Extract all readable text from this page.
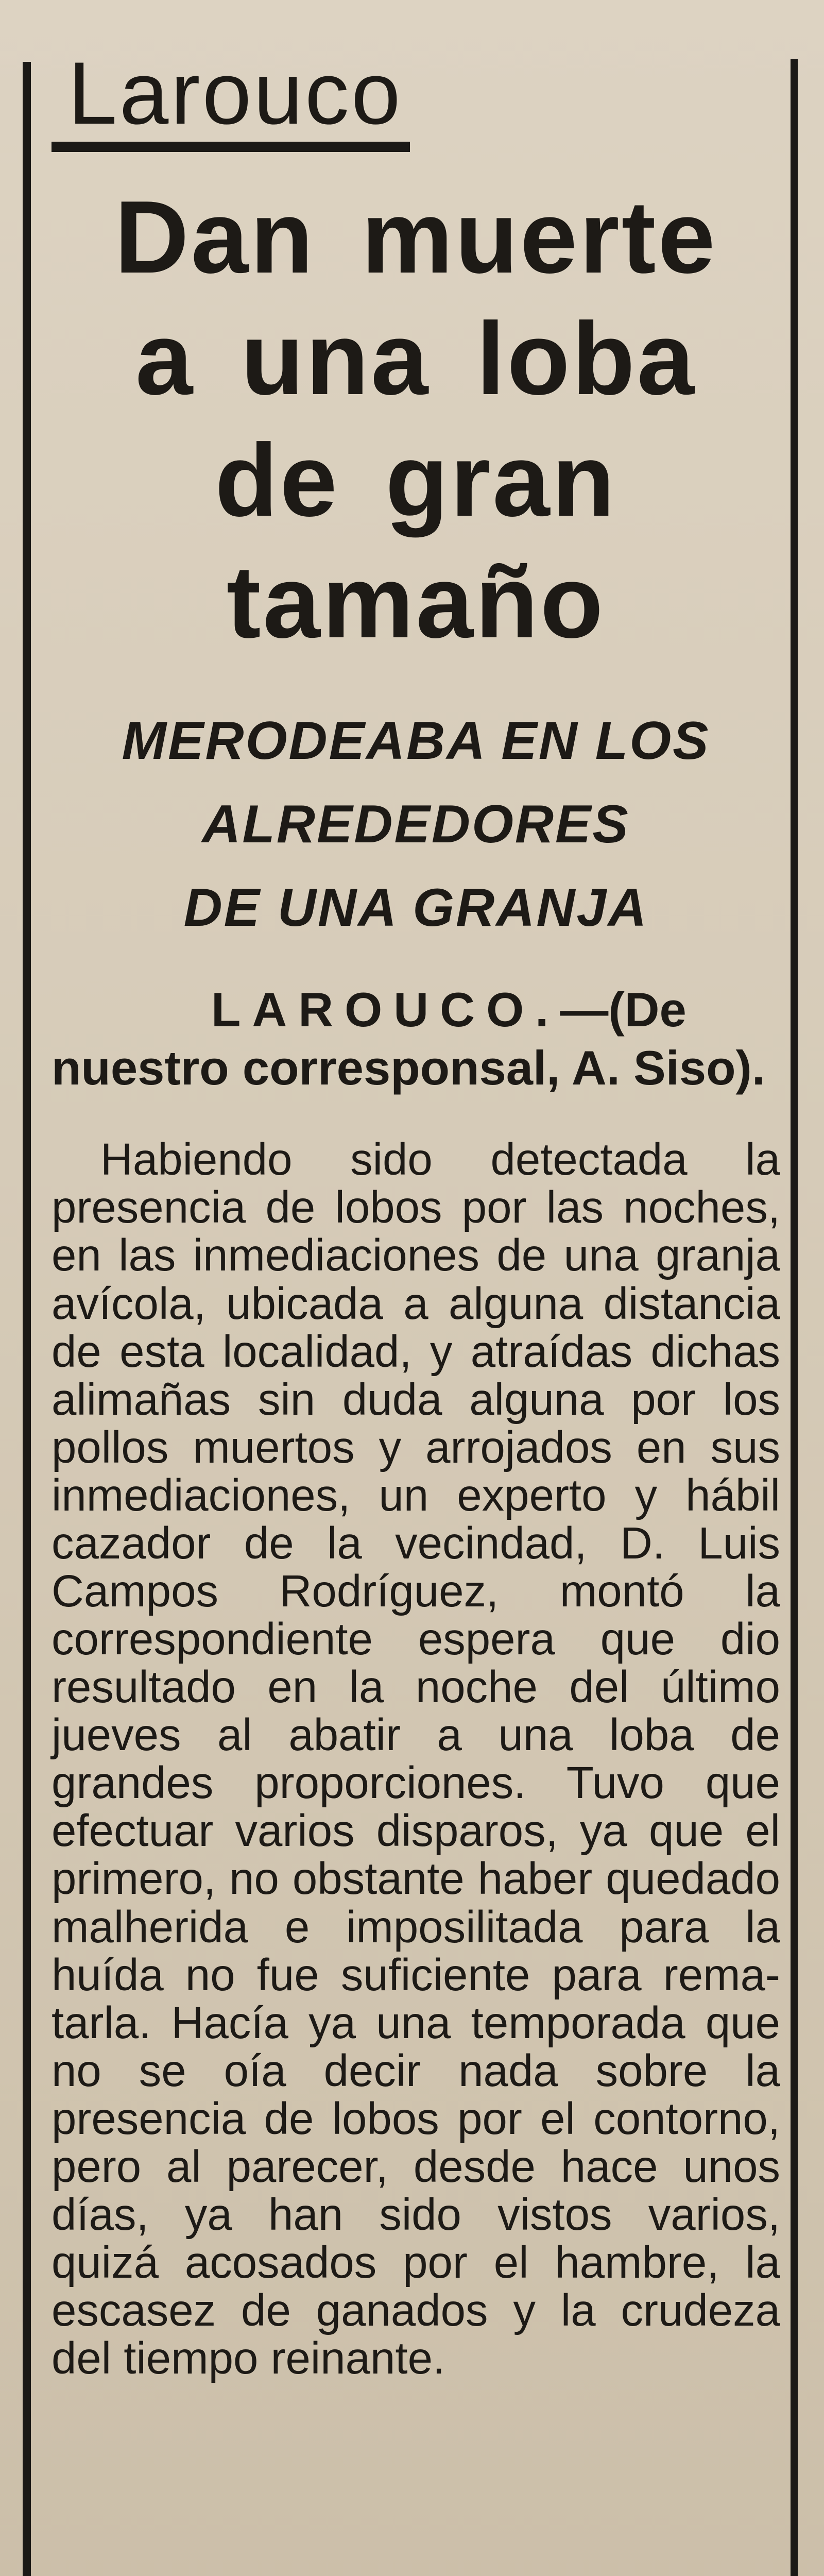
Larouco
Dan muerte
a una loba
de gran
tamaño
MERODEABA EN LOS
ALREDEDORES
DE UNA GRANJA

LAROUCO.—(De nuestro corresponsal, A. Siso).

Habiendo sido detectada la presencia de lobos por las noches, en las inmediaciones de una granja avícola, ubicada a alguna distancia de esta localidad, y atraídas dichas alimañas sin duda alguna por los pollos muertos y arrojados en sus inmediaciones, un experto y hábil cazador de la vecindad, D. Luis Campos Rodríguez, montó la correspondiente espera que dio resultado en la noche del último jueves al abatir a una loba de grandes proporciones. Tuvo que efectuar varios disparos, ya que el primero, no obstante haber quedado malherida e imposilitada para la huída no fue suficiente para rematarla. Hacía ya una temporada que no se oía decir nada sobre la presencia de lobos por el contorno, pero al parecer, desde hace unos días, ya han sido vistos varios, quizá acosados por el hambre, la escasez de ganados y la crudeza del tiempo reinante.
